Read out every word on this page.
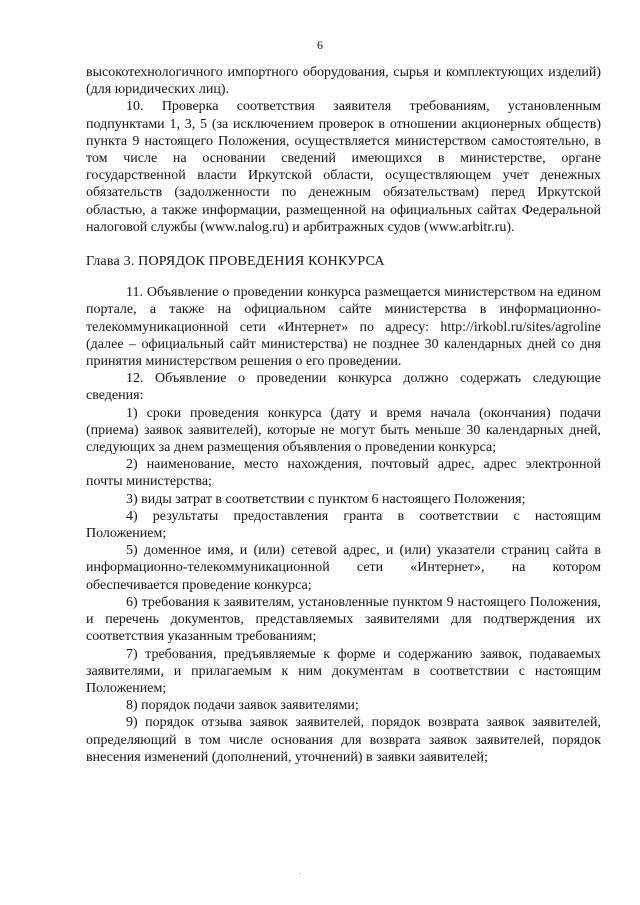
6

высокотехнологичного импортного оборудования, сырья и комплектующих изделий) (для юридических лиц).

10. Проверка соответствия заявителя требованиям, установленным подпунктами 1, 3, 5 (за исключением проверок в отношении акционерных обществ) пункта 9 настоящего Положения, осуществляется министерством самостоятельно, в том числе на основании сведений имеющихся в министерстве, органе государственной власти Иркутской области, осуществляющем учет денежных обязательств (задолженности по денежным обязательствам) перед Иркутской областью, а также информации, размещенной на официальных сайтах Федеральной налоговой службы (www.nalog.ru) и арбитражных судов (www.arbitr.ru).

Глава 3. ПОРЯДОК ПРОВЕДЕНИЯ КОНКУРСА

11. Объявление о проведении конкурса размещается министерством на едином портале, а также на официальном сайте министерства в информационно-телекоммуникационной сети «Интернет» по адресу: http://irkobl.ru/sites/agroline (далее – официальный сайт министерства) не позднее 30 календарных дней со дня принятия министерством решения о его проведении.

12. Объявление о проведении конкурса должно содержать следующие сведения:

1) сроки проведения конкурса (дату и время начала (окончания) подачи (приема) заявок заявителей), которые не могут быть меньше 30 календарных дней, следующих за днем размещения объявления о проведении конкурса;

2) наименование, место нахождения, почтовый адрес, адрес электронной почты министерства;

3) виды затрат в соответствии с пунктом 6 настоящего Положения;

4) результаты предоставления гранта в соответствии с настоящим Положением;

5) доменное имя, и (или) сетевой адрес, и (или) указатели страниц сайта в информационно-телекоммуникационной сети «Интернет», на котором обеспечивается проведение конкурса;

6) требования к заявителям, установленные пунктом 9 настоящего Положения, и перечень документов, представляемых заявителями для подтверждения их соответствия указанным требованиям;

7) требования, предъявляемые к форме и содержанию заявок, подаваемых заявителями, и прилагаемым к ним документам в соответствии с настоящим Положением;

8) порядок подачи заявок заявителями;

9) порядок отзыва заявок заявителей, порядок возврата заявок заявителей, определяющий в том числе основания для возврата заявок заявителей, порядок внесения изменений (дополнений, уточнений) в заявки заявителей;

˙
